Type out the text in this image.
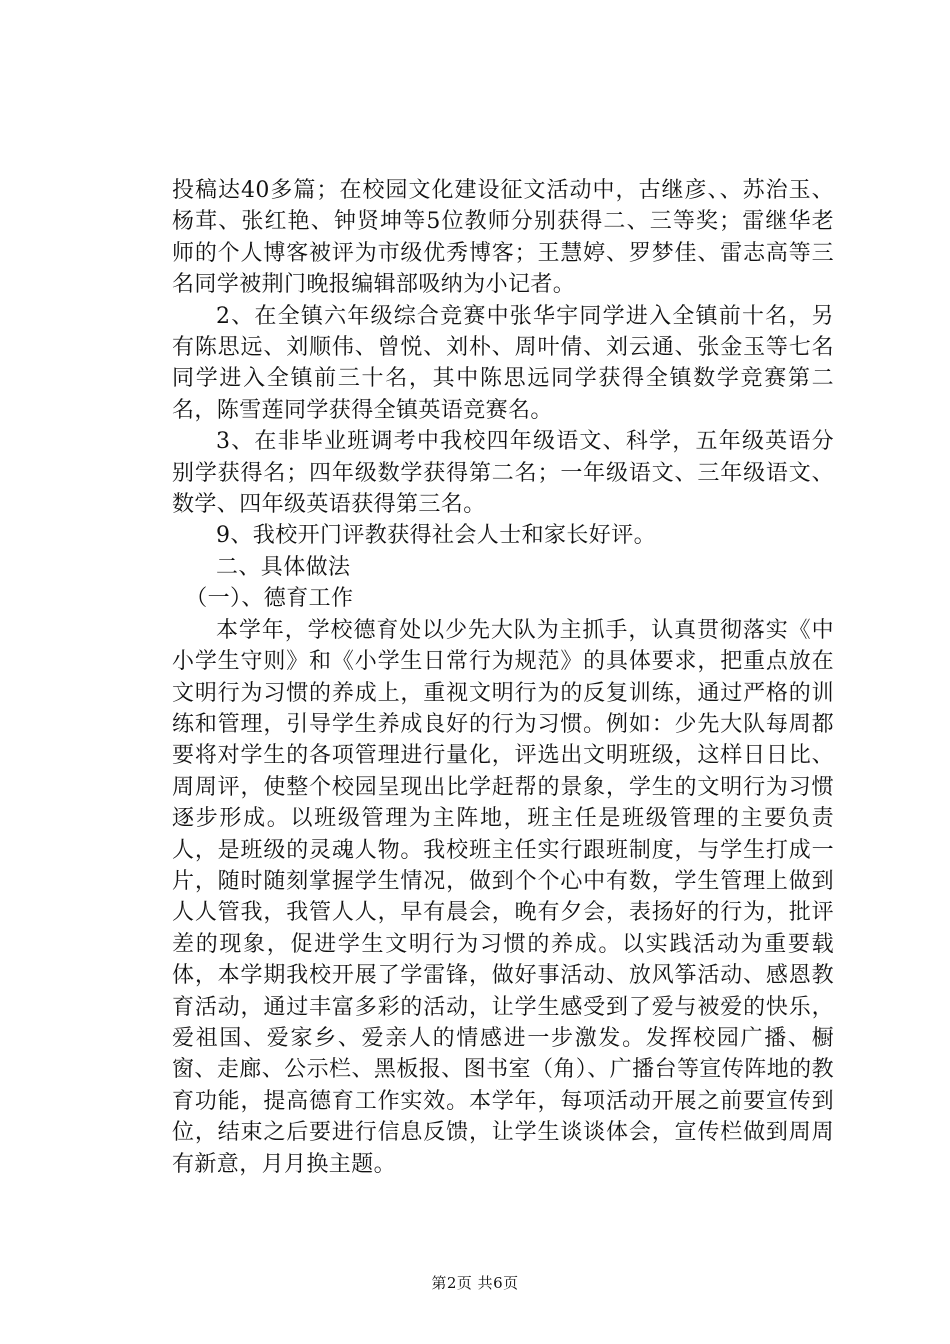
投稿达40多篇；在校园文化建设征文活动中，古继彦、、苏治玉、杨茸、张红艳、钟贤坤等5位教师分别获得二、三等奖；雷继华老师的个人博客被评为市级优秀博客；王慧婷、罗梦佳、雷志高等三名同学被荆门晚报编辑部吸纳为小记者。

2、在全镇六年级综合竞赛中张华宇同学进入全镇前十名，另有陈思远、刘顺伟、曾悦、刘朴、周叶倩、刘云通、张金玉等七名同学进入全镇前三十名，其中陈思远同学获得全镇数学竞赛第二名，陈雪莲同学获得全镇英语竞赛名。

3、在非毕业班调考中我校四年级语文、科学，五年级英语分别学获得名；四年级数学获得第二名；一年级语文、三年级语文、数学、四年级英语获得第三名。

9、我校开门评教获得社会人士和家长好评。

二、具体做法

（一）、德育工作

本学年，学校德育处以少先大队为主抓手，认真贯彻落实《中小学生守则》和《小学生日常行为规范》的具体要求，把重点放在文明行为习惯的养成上，重视文明行为的反复训练，通过严格的训练和管理，引导学生养成良好的行为习惯。例如：少先大队每周都要将对学生的各项管理进行量化，评选出文明班级，这样日日比、周周评，使整个校园呈现出比学赶帮的景象，学生的文明行为习惯逐步形成。以班级管理为主阵地，班主任是班级管理的主要负责人，是班级的灵魂人物。我校班主任实行跟班制度，与学生打成一片，随时随刻掌握学生情况，做到个个心中有数，学生管理上做到人人管我，我管人人，早有晨会，晚有夕会，表扬好的行为，批评差的现象，促进学生文明行为习惯的养成。以实践活动为重要载体，本学期我校开展了学雷锋，做好事活动、放风筝活动、感恩教育活动，通过丰富多彩的活动，让学生感受到了爱与被爱的快乐，爱祖国、爱家乡、爱亲人的情感进一步激发。发挥校园广播、橱窗、走廊、公示栏、黑板报、图书室（角）、广播台等宣传阵地的教育功能，提高德育工作实效。本学年，每项活动开展之前要宣传到位，结束之后要进行信息反馈，让学生谈谈体会，宣传栏做到周周有新意，月月换主题。

第2页 共6页
